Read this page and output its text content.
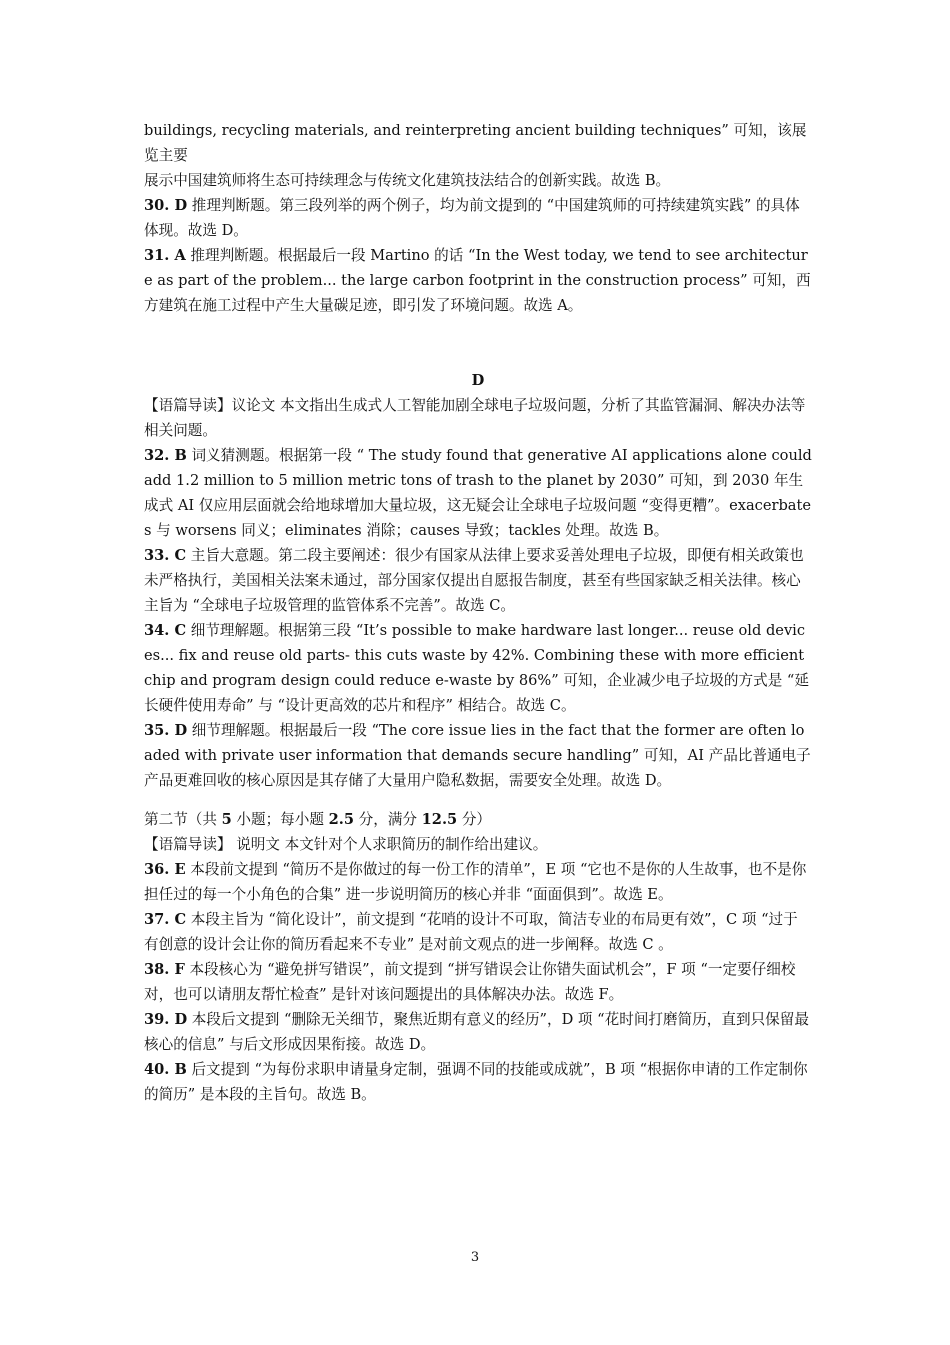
buildings, recycling materials, and reinterpreting ancient building techniques” 可知，该展览主要

展示中国建筑师将生态可持续理念与传统文化建筑技法结合的创新实践。故选 B。

30. D 推理判断题。第三段列举的两个例子，均为前文提到的 “中国建筑师的可持续建筑实践” 的具体体现。故选 D。

31. A 推理判断题。根据最后一段 Martino 的话 “In the West today, we tend to see architecture as part of the problem... the large carbon footprint in the construction process” 可知，西方建筑在施工过程中产生大量碳足迹，即引发了环境问题。故选 A。

D

【语篇导读】议论文 本文指出生成式人工智能加剧全球电子垃圾问题，分析了其监管漏洞、解决办法等相关问题。

32. B 词义猜测题。根据第一段 “ The study found that generative AI applications alone could add 1.2 million to 5 million metric tons of trash to the planet by 2030” 可知，到 2030 年生成式 AI 仅应用层面就会给地球增加大量垃圾，这无疑会让全球电子垃圾问题 “变得更糟”。exacerbates 与 worsens 同义；eliminates 消除；causes 导致；tackles 处理。故选 B。

33. C 主旨大意题。第二段主要阐述：很少有国家从法律上要求妥善处理电子垃圾，即便有相关政策也未严格执行，美国相关法案未通过，部分国家仅提出自愿报告制度，甚至有些国家缺乏相关法律。核心主旨为 “全球电子垃圾管理的监管体系不完善”。故选 C。

34. C 细节理解题。根据第三段 “It’s possible to make hardware last longer... reuse old devices... fix and reuse old parts- this cuts waste by 42%. Combining these with more efficient chip and program design could reduce e-waste by 86%” 可知，企业减少电子垃圾的方式是 “延长硬件使用寿命” 与 “设计更高效的芯片和程序” 相结合。故选 C。

35. D 细节理解题。根据最后一段 “The core issue lies in the fact that the former are often loaded with private user information that demands secure handling” 可知，AI 产品比普通电子产品更难回收的核心原因是其存储了大量用户隐私数据，需要安全处理。故选 D。

第二节（共 5 小题；每小题 2.5 分，满分 12.5 分）

【语篇导读】 说明文 本文针对个人求职简历的制作给出建议。

36. E 本段前文提到 “简历不是你做过的每一份工作的清单”，E 项 “它也不是你的人生故事，也不是你担任过的每一个小角色的合集” 进一步说明简历的核心并非 “面面俱到”。故选 E。

37. C 本段主旨为 “简化设计”，前文提到 “花哨的设计不可取，简洁专业的布局更有效”，C 项 “过于有创意的设计会让你的简历看起来不专业” 是对前文观点的进一步阐释。故选 C 。

38. F 本段核心为 “避免拼写错误”，前文提到 “拼写错误会让你错失面试机会”，F 项 “一定要仔细校对，也可以请朋友帮忙检查” 是针对该问题提出的具体解决办法。故选 F。

39. D 本段后文提到 “删除无关细节，聚焦近期有意义的经历”，D 项 “花时间打磨简历，直到只保留最核心的信息” 与后文形成因果衔接。故选 D。

40. B 后文提到 “为每份求职申请量身定制，强调不同的技能或成就”，B 项 “根据你申请的工作定制你的简历” 是本段的主旨句。故选 B。

3
